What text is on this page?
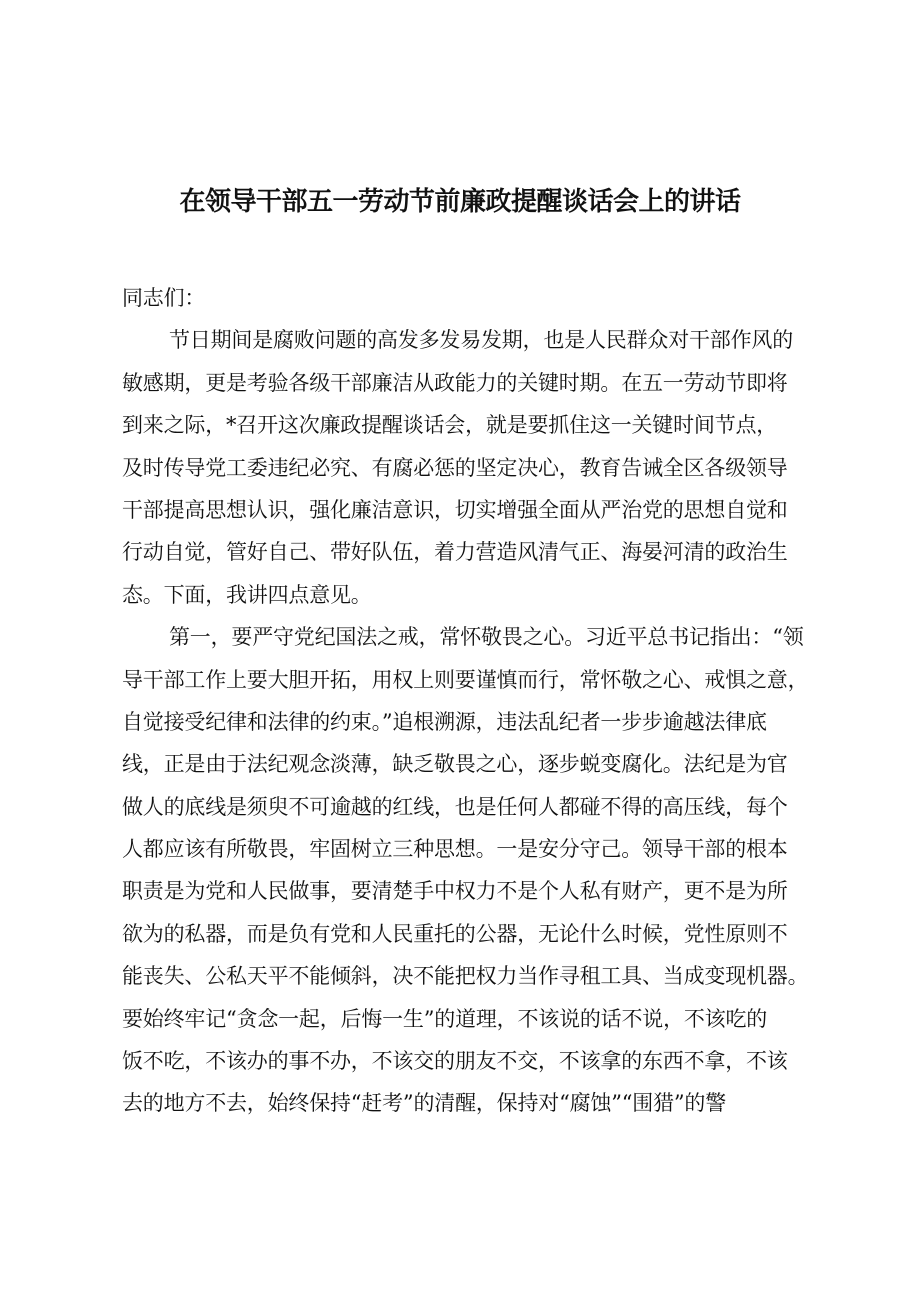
在领导干部五一劳动节前廉政提醒谈话会上的讲话
同志们：
节日期间是腐败问题的高发多发易发期，也是人民群众对干部作风的
敏感期，更是考验各级干部廉洁从政能力的关键时期。在五一劳动节即将
到来之际，*召开这次廉政提醒谈话会，就是要抓住这一关键时间节点，
及时传导党工委违纪必究、有腐必惩的坚定决心，教育告诫全区各级领导
干部提高思想认识，强化廉洁意识，切实增强全面从严治党的思想自觉和
行动自觉，管好自己、带好队伍，着力营造风清气正、海晏河清的政治生
态。下面，我讲四点意见。
第一，要严守党纪国法之戒，常怀敬畏之心。习近平总书记指出：“领
导干部工作上要大胆开拓，用权上则要谨慎而行，常怀敬之心、戒惧之意，
自觉接受纪律和法律的约束。”追根溯源，违法乱纪者一步步逾越法律底
线，正是由于法纪观念淡薄，缺乏敬畏之心，逐步蜕变腐化。法纪是为官
做人的底线是须臾不可逾越的红线，也是任何人都碰不得的高压线，每个
人都应该有所敬畏，牢固树立三种思想。一是安分守己。领导干部的根本
职责是为党和人民做事，要清楚手中权力不是个人私有财产，更不是为所
欲为的私器，而是负有党和人民重托的公器，无论什么时候，党性原则不
能丧失、公私天平不能倾斜，决不能把权力当作寻租工具、当成变现机器。
要始终牢记“贪念一起，后悔一生”的道理，不该说的话不说，不该吃的
饭不吃，不该办的事不办，不该交的朋友不交，不该拿的东西不拿，不该
去的地方不去，始终保持“赶考”的清醒，保持对“腐蚀”“围猎”的警
